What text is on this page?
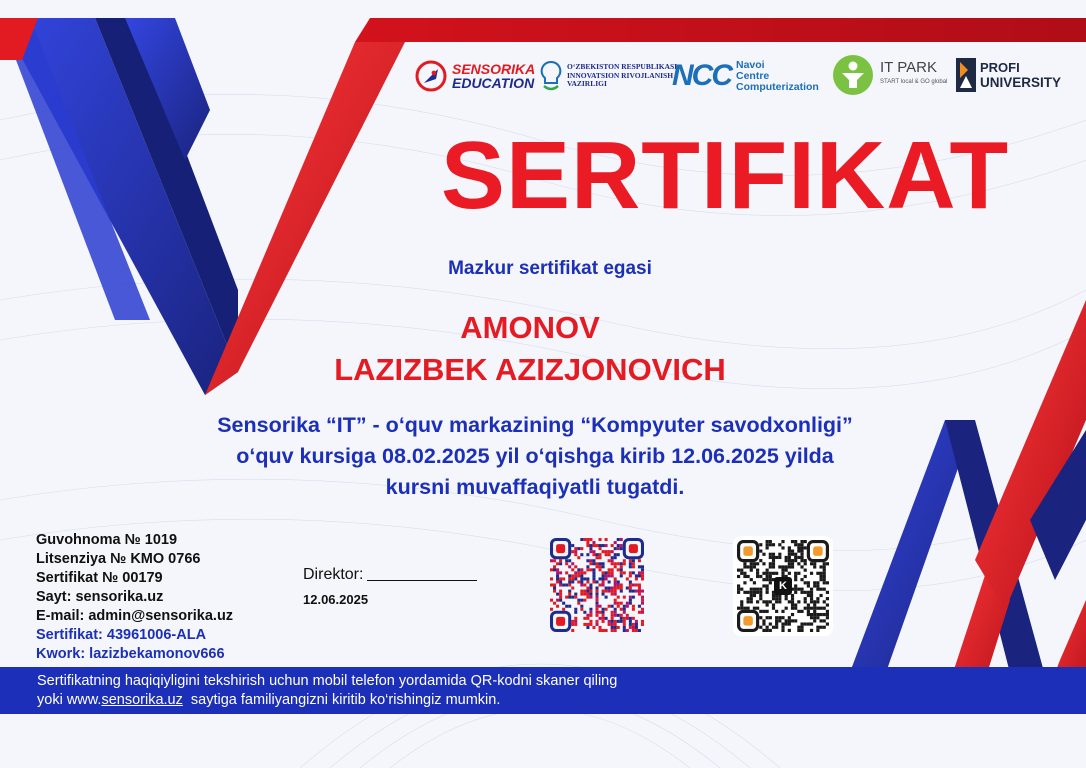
SENSORIKA
EDUCATION
O‘ZBEKISTON RESPUBLIKASI
INNOVATSION RIVOJLANISH
VAZIRLIGI	NCC Navoi
Centre
Computerization
IT PARK
START local & GO global
PROFI
UNIVERSITY
SERTIFIKAT
Mazkur sertifikat egasi
AMONOV
LAZIZBEK AZIZJONOVICH
Sensorika “IT” - o‘quv markazining “Kompyuter savodxonligi”
o‘quv kursiga 08.02.2025 yil o‘qishga kirib 12.06.2025 yilda
kursni muvaffaqiyatli tugatdi.
Guvohnoma № 1019
Litsenziya № KMO 0766
Sertifikat № 00179
Sayt: sensorika.uz
E-mail: admin@sensorika.uz
Sertifikat: 43961006-ALA
Kwork: lazizbekamonov666
Direktor:
12.06.2025
K
Sertifikatning haqiqiyligini tekshirish uchun mobil telefon yordamida QR-kodni skaner qiling
yoki www.sensorika.uz  saytiga familiyangizni kiritib ko‘rishingiz mumkin.
